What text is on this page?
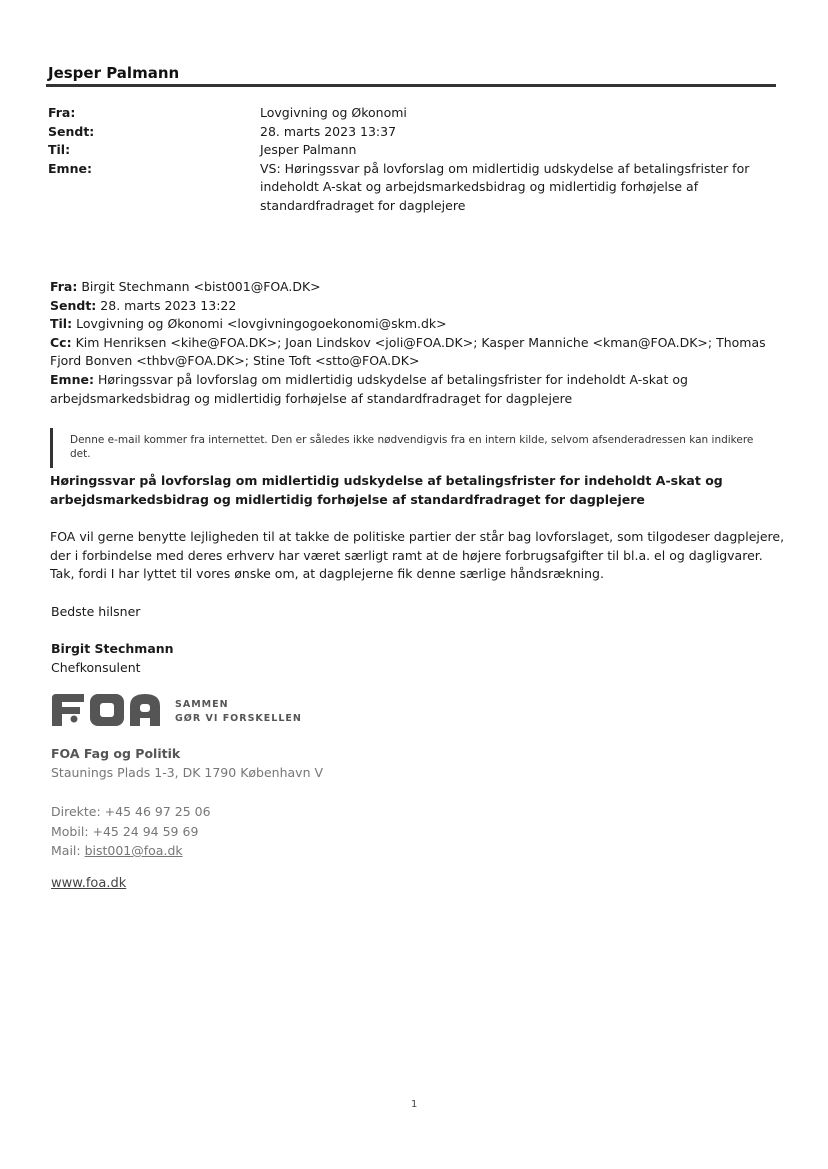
Jesper Palmann
Fra:
Sendt:
Til:
Emne:
Lovgivning og Økonomi
28. marts 2023 13:37
Jesper Palmann
VS: Høringssvar på lovforslag om midlertidig udskydelse af betalingsfrister for indeholdt A-skat og arbejdsmarkedsbidrag og midlertidig forhøjelse af standardfradraget for dagplejere
Fra: Birgit Stechmann <bist001@FOA.DK>
Sendt: 28. marts 2023 13:22
Til: Lovgivning og Økonomi <lovgivningogoekonomi@skm.dk>
Cc: Kim Henriksen <kihe@FOA.DK>; Joan Lindskov <joli@FOA.DK>; Kasper Manniche <kman@FOA.DK>; Thomas Fjord Bonven <thbv@FOA.DK>; Stine Toft <stto@FOA.DK>
Emne: Høringssvar på lovforslag om midlertidig udskydelse af betalingsfrister for indeholdt A-skat og arbejdsmarkedsbidrag og midlertidig forhøjelse af standardfradraget for dagplejere
Denne e-mail kommer fra internettet. Den er således ikke nødvendigvis fra en intern kilde, selvom afsenderadressen kan indikere det.
Høringssvar på lovforslag om midlertidig udskydelse af betalingsfrister for indeholdt A-skat og arbejdsmarkedsbidrag og midlertidig forhøjelse af standardfradraget for dagplejere
FOA vil gerne benytte lejligheden til at takke de politiske partier der står bag lovforslaget, som tilgodeser dagplejere, der i forbindelse med deres erhverv har været særligt ramt at de højere forbrugsafgifter til bl.a. el og dagligvarer. Tak, fordi I har lyttet til vores ønske om, at dagplejerne fik denne særlige håndsrækning.
Bedste hilsner
Birgit Stechmann
Chefkonsulent
SAMMEN
GØR VI FORSKELLEN
FOA Fag og Politik
Staunings Plads 1-3, DK 1790 København V
Direkte: +45 46 97 25 06
Mobil: +45 24 94 59 69
Mail: bist001@foa.dk
www.foa.dk
1
